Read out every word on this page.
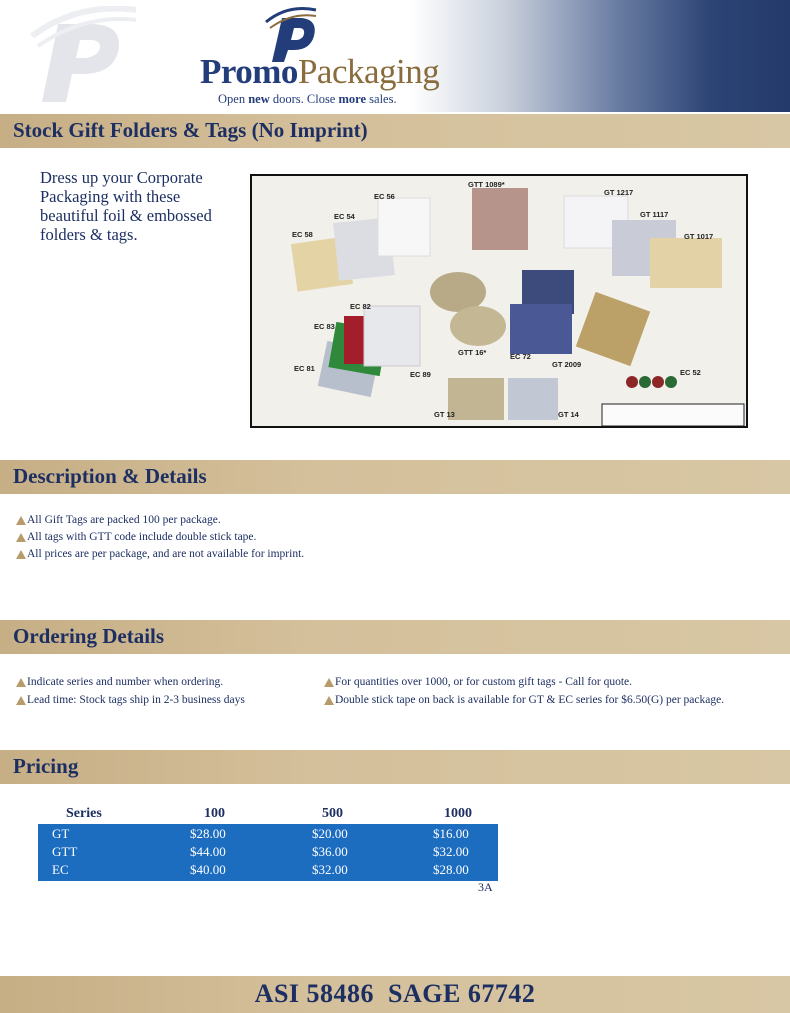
PromoPackaging
Open new doors. Close more sales.
Stock Gift Folders & Tags (No Imprint)
Dress up your Corporate Packaging with these beautiful foil & embossed folders & tags.
GTT 1089*
GT 1217
EC 56
EC 54	GT 1117
EC 58	GT 1017
EC 82
EC 83
GTT 16*	EC 72
GT 2009
EC 81
EC 89	EC 52
GT 13	GT 14
Description & Details
All Gift Tags are packed 100 per package.
All tags with GTT code include double stick tape.
All prices are per package, and are not available for imprint.
Ordering Details
Indicate series and number when ordering.
Lead time: Stock tags ship in 2-3 business days
For quantities over 1000, or for custom gift tags - Call for quote.
Double stick tape on back is available for GT & EC series for $6.50(G) per package.
Pricing
Series	100	500	1000
GT	$28.00	$20.00	$16.00
GTT	$44.00	$36.00	$32.00
EC	$40.00	$32.00	$28.00
3A
ASI 58486  SAGE 67742
